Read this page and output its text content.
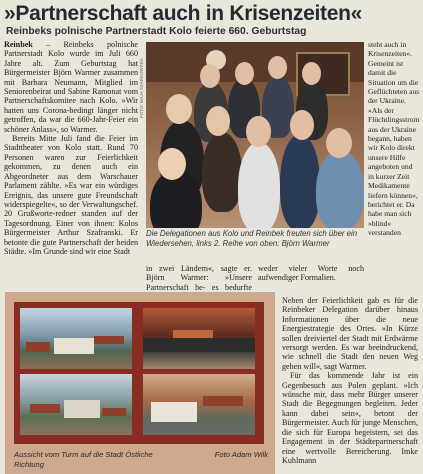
»Partnerschaft auch in Krisenzeiten«
Reinbeks polnische Partnerstadt Kolo feierte 660. Geburtstag

Reinbek – Reinbeks polnische Partnerstadt Kolo wurde im Juli 660 Jahre alt. Zum Geburtstag hat Bürgermeister Björn Warmer zusammen mit Barbara Neumann, Mitglied im Seniorenbeirat und Sabine Ramonat vom Partnerschaftskomitee nach Kolo. »Wir hatten uns Corona-bedingt länger nicht getroffen, da war die 660-Jahr-Feier ein schöner Anlass«, so Warmer.

Bereits Mitte Juli fand die Feier im Stadttheater von Kolo statt. Rund 70 Personen waren zur Feierlichkeit gekommen, zu denen auch ein Abgeordneter aus dem Warschauer Parlament zählte. »Es war ein würdiges Ereignis, das unsere gute Freundschaft widerspiegelte«, so der Verwaltungschef. 20 Grußworte-redner standen auf der Tagesordnung. Einer von ihnen: Kolos Bürgermeister Arthur Szafranski. Er betonte die gute Partnerschaft der beiden Städte. »Im Grunde sind wir eine Stadt

FOTO: MAJA SZARKOWSKA
Die Delegationen aus Kolo und Reinbek freuten sich über ein Wiedersehen, links 2. Reihe von oben: Björn Warmer
steht auch in Krisenzeiten«. Gemeint ist damit die Situation um die Geflüchteten aus der Ukraine. »Als der Flüchtlingsstrom aus der Ukraine begann, haben wir Kolo direkt unsere Hilfe angeboten und in kurzer Zeit Medikamente liefern können«, berichtet er. Da habe man sich »blind« verstanden
in zwei Ländern«, sagte er. Björn Warmer: »Unsere Partnerschaft be- es bedurfte weder vieler Worte noch aufwendiger Formalien.
Aussicht vom Turm auf die Stadt Östliche Richtung
Foto Adam Wilk

Neben der Feierlichkeit gab es für die Reinbeker Delegation darüber hinaus Informationen über die neue Energiestrategie des Ortes. »In Kürze sollen dreiviertel der Stadt mit Erdwärme versorgt werden. Es war beeindruckend, wie schnell die Stadt den neuen Weg gehen will«, sagt Warmer.

Für das kommende Jahr ist ein Gegenbesuch aus Polen geplant. »Ich wünsche mir, dass mehr Bürger unserer Stadt die Begegnungen begleiten. Jeder kann dabei sein«, betont der Bürgermeister. Auch für junge Menschen, die sich für Europa begeistern, sei das Engagement in der Städtepartnerschaft eine wertvolle Bereicherung. Imke Kuhlmann
